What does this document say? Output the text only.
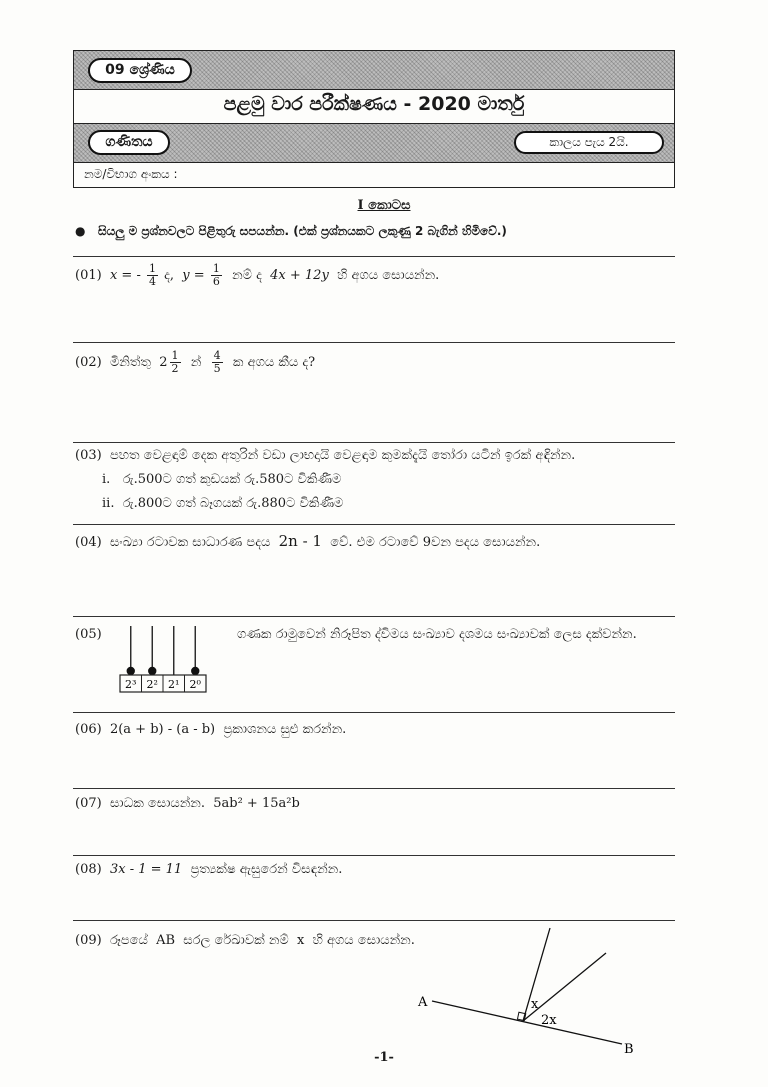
09 ශ්‍රේණිය
පළමු වාර පරීක්ෂණය - 2020 මාර්තු
ගණිතය	කාලය පැය 2යි.
නම/විභාග අංකය :
I කොටස
●   සියලු ම ප්‍රශ්නවලට පිළිතුරු සපයන්න. (එක් ප්‍රශ්නයකට ලකුණු 2 බැගින් හිමිවේ.)
(01) x = - $\frac{1}{4}$ ද, $y = \frac{1}{6}$ නම් ද 4x + 12y හි අගය සොයන්න.
(02) මිනිත්තු $2 \frac{1}{2}$ න් $\frac{4}{5}$ ක අගය කීය ද?
(03) පහත වෙළඳාම් දෙක අතුරින් වඩා ලාභදායි වෙළඳාම කුමක්දැයි තෝරා යටින් ඉරක් අඳින්න.
i. රු.500ට ගත් කුඩයක් රු.580ට විකිණීම
ii. රු.800ට ගත් බෑගයක් රු.880ට විකිණීම
(04) සංඛ්‍යා රටාවක සාධාරණ පදය 2n - 1 වේ. එම රටාවේ 9වන පදය සොයන්න.
(05)	ගණක රාමුවෙන් නිරූපිත ද්විමය සංඛ්‍යාව දශමය සංඛ්‍යාවක් ලෙස දක්වන්න.
2³ 2² 2¹ 2⁰
(06) 2(a + b) - (a - b) ප්‍රකාශනය සුළු කරන්න.
(07) සාධක සොයන්න. 5ab² + 15a²b
(08) 3x - 1 = 11 ප්‍රත්‍යක්ෂ ඇසුරෙන් විසඳන්න.
(09) රූපයේ AB සරල රේඛාවක් නම් x හි අගය සොයන්න.
A
B
x
2x
-1-
